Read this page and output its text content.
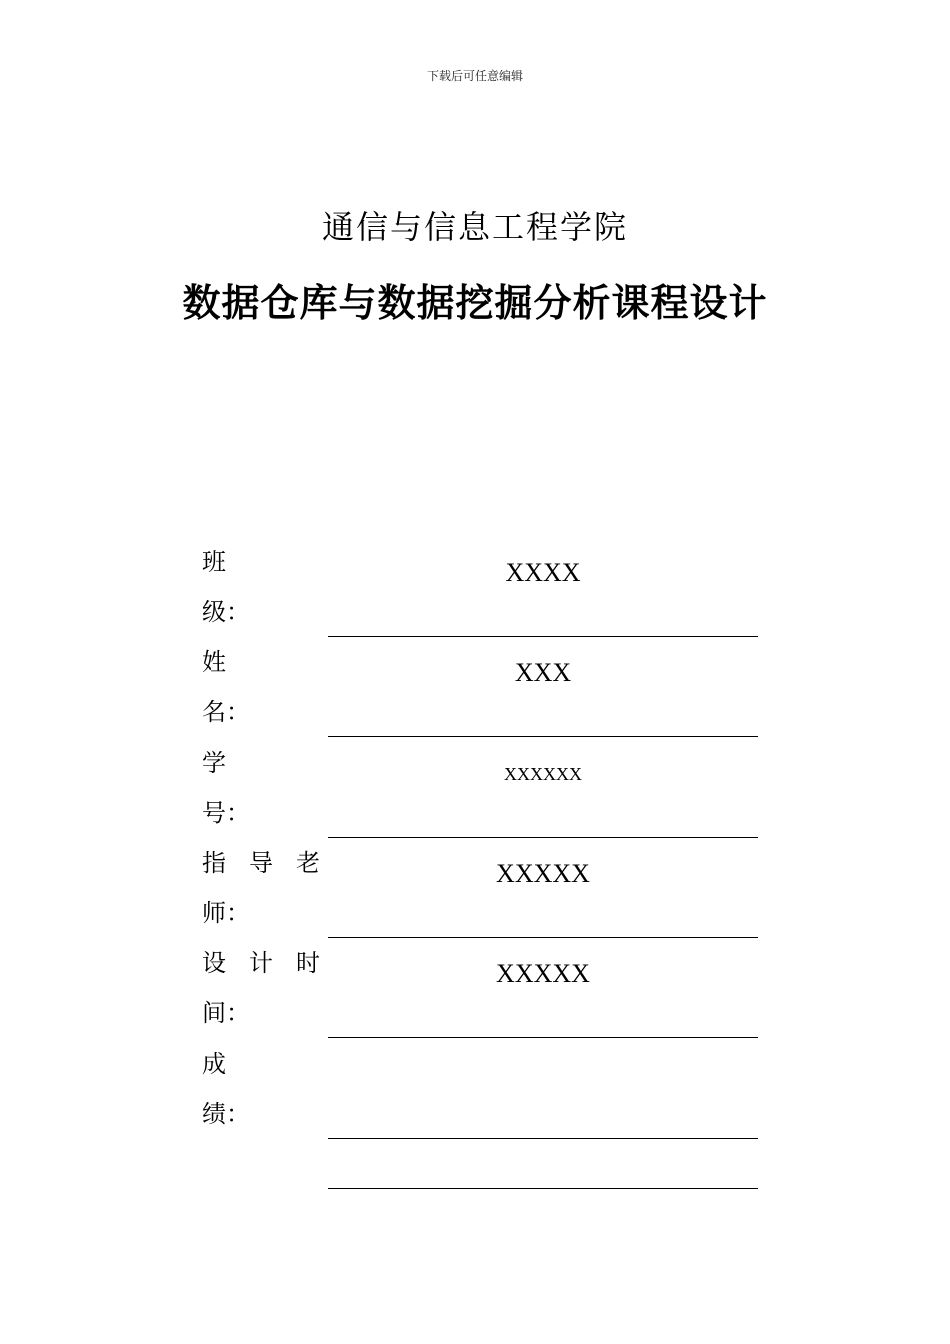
下载后可任意编辑
通信与信息工程学院
数据仓库与数据挖掘分析课程设计
班
级：
XXXX
姓
名：
XXX
学
号：
XXXXXX
指 导 老
师：
XXXXX
设 计 时
间：
XXXXX
成
绩：
